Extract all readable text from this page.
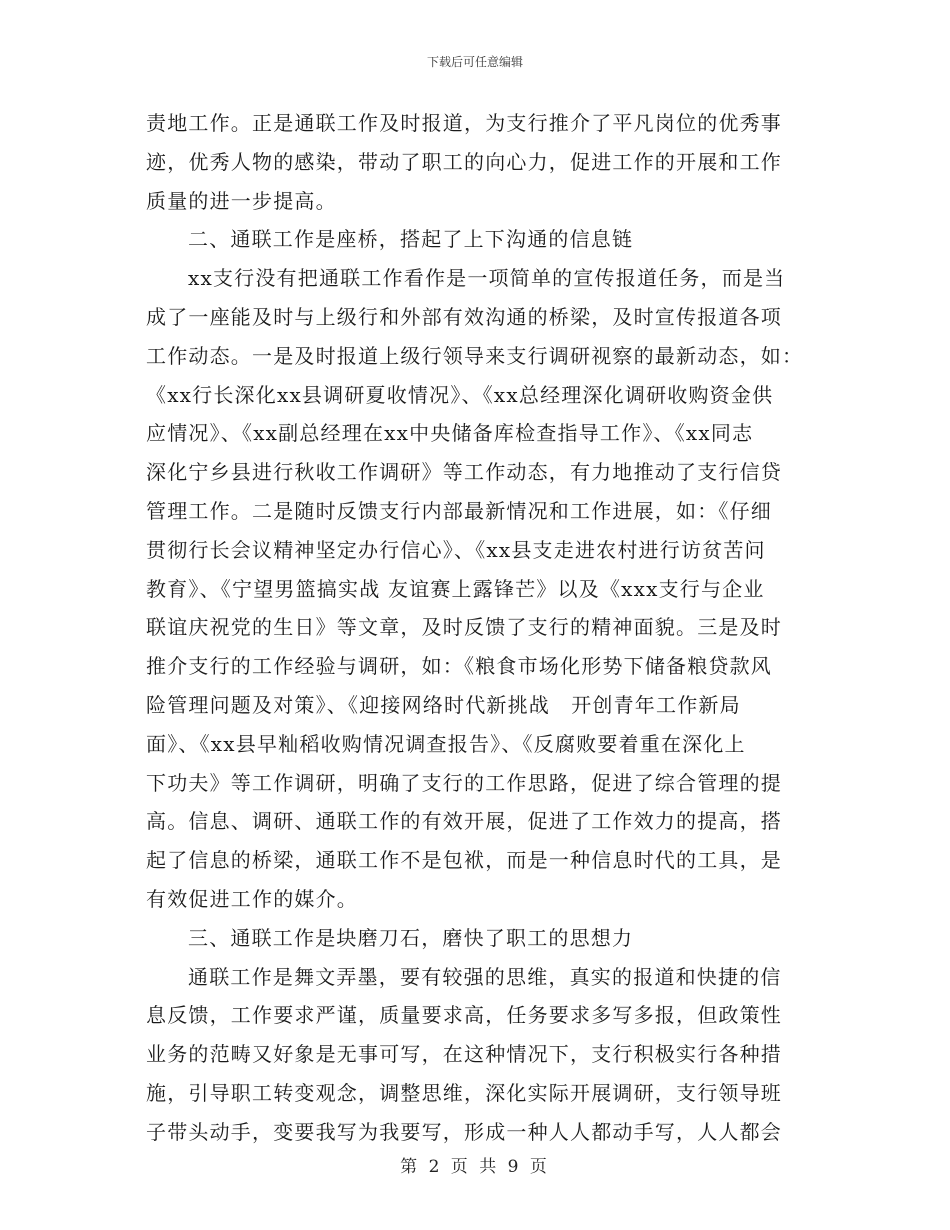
下载后可任意编辑
责地工作。正是通联工作及时报道，为支行推介了平凡岗位的优秀事
迹，优秀人物的感染，带动了职工的向心力，促进工作的开展和工作
质量的进一步提高。
二、通联工作是座桥，搭起了上下沟通的信息链
xx支行没有把通联工作看作是一项简单的宣传报道任务，而是当
成了一座能及时与上级行和外部有效沟通的桥梁，及时宣传报道各项
工作动态。一是及时报道上级行领导来支行调研视察的最新动态，如：
《xx行长深化xx县调研夏收情况》、《xx总经理深化调研收购资金供
应情况》、《xx副总经理在xx中央储备库检查指导工作》、《xx同志
深化宁乡县进行秋收工作调研》等工作动态，有力地推动了支行信贷
管理工作。二是随时反馈支行内部最新情况和工作进展，如：《仔细
贯彻行长会议精神坚定办行信心》、《xx县支走进农村进行访贫苦问
教育》、《宁望男篮搞实战 友谊赛上露锋芒》以及《xxx支行与企业
联谊庆祝党的生日》等文章，及时反馈了支行的精神面貌。三是及时
推介支行的工作经验与调研，如：《粮食市场化形势下储备粮贷款风
险管理问题及对策》、《迎接网络时代新挑战　开创青年工作新局
面》、《xx县早籼稻收购情况调查报告》、《反腐败要着重在深化上
下功夫》等工作调研，明确了支行的工作思路，促进了综合管理的提
高。信息、调研、通联工作的有效开展，促进了工作效力的提高，搭
起了信息的桥梁，通联工作不是包袱，而是一种信息时代的工具，是
有效促进工作的媒介。
三、通联工作是块磨刀石，磨快了职工的思想力
通联工作是舞文弄墨，要有较强的思维，真实的报道和快捷的信
息反馈，工作要求严谨，质量要求高，任务要求多写多报，但政策性
业务的范畴又好象是无事可写，在这种情况下，支行积极实行各种措
施，引导职工转变观念，调整思维，深化实际开展调研，支行领导班
子带头动手，变要我写为我要写，形成一种人人都动手写，人人都会
第 2 页 共 9 页
